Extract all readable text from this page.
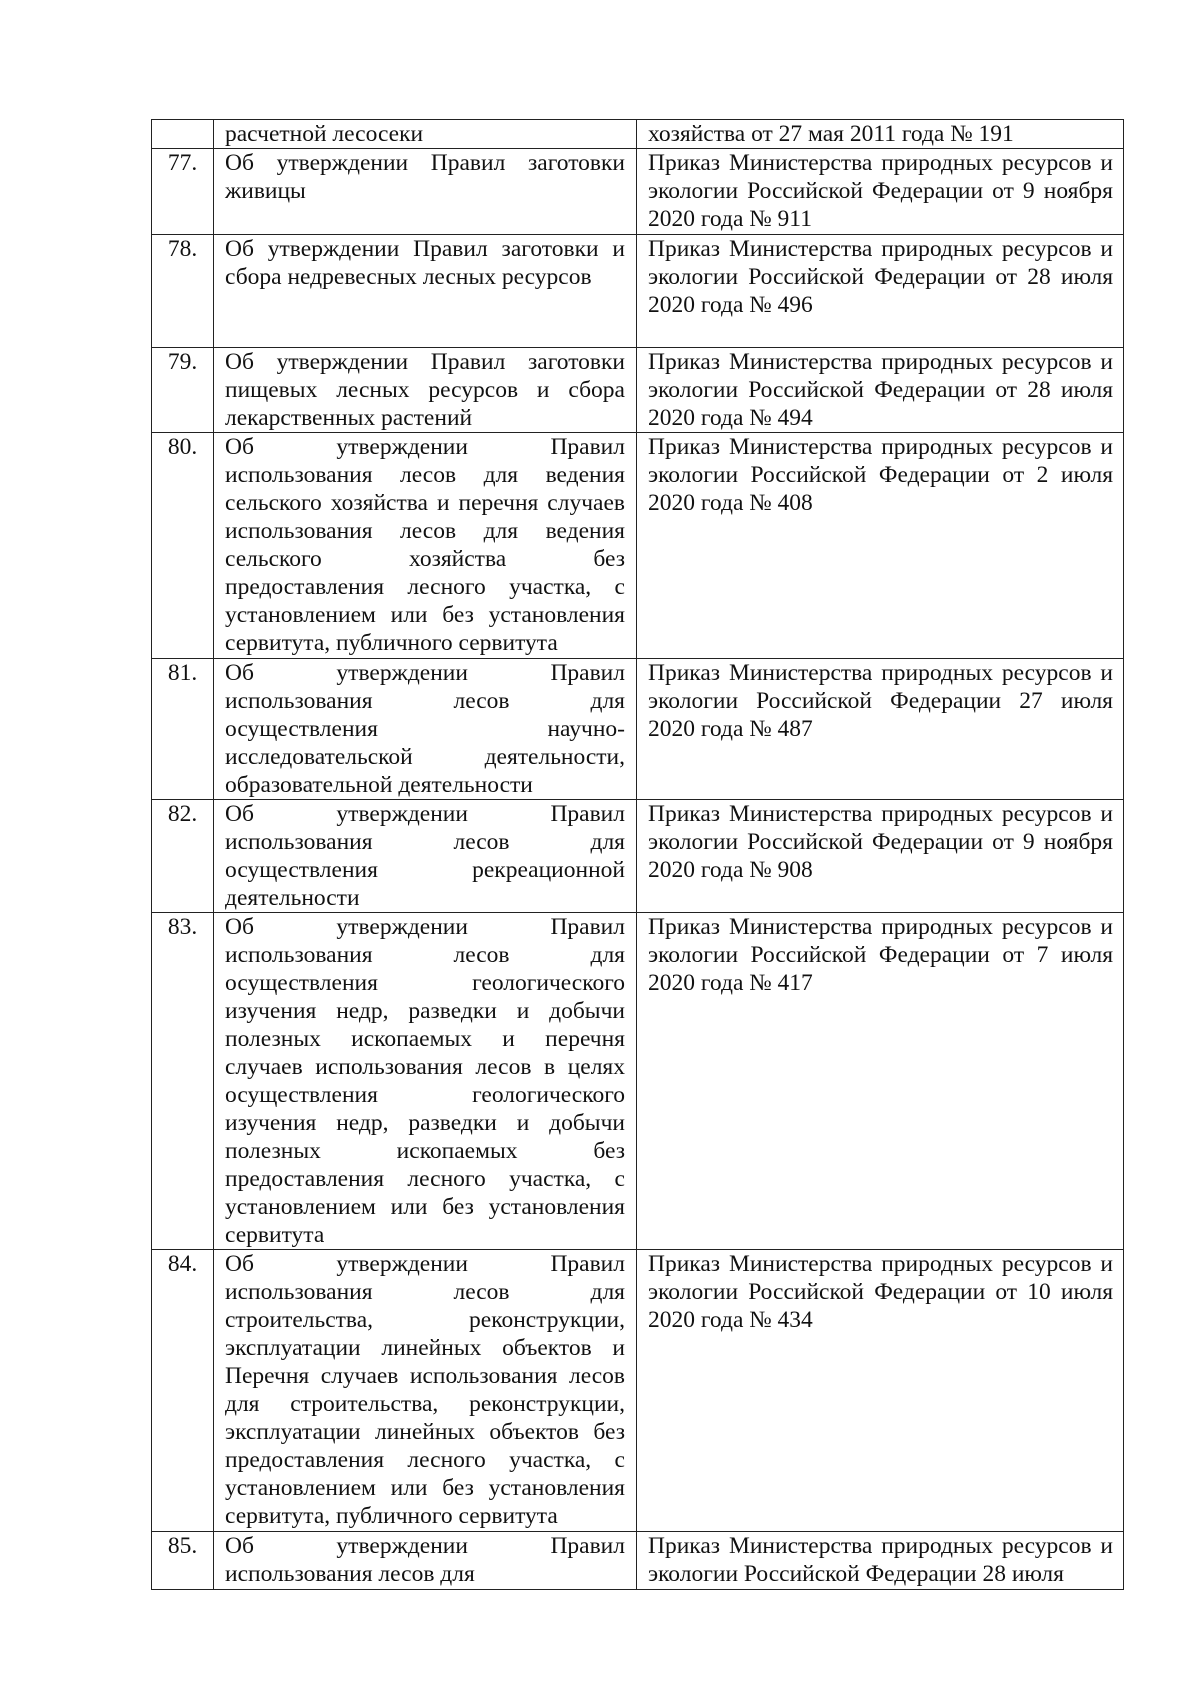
	расчетной лесосеки	хозяйства от 27 мая 2011 года № 191

77.	Об утверждении Правил заготовки живицы	Приказ Министерства природных ресурсов и экологии Российской Федерации от 9 ноября 2020 года № 911

78.	Об утверждении Правил заготовки и сбора недревесных лесных ресурсов	Приказ Министерства природных ресурсов и экологии Российской Федерации от 28 июля 2020 года № 496

79.	Об утверждении Правил заготовки пищевых лесных ресурсов и сбора лекарственных растений	Приказ Министерства природных ресурсов и экологии Российской Федерации от 28 июля 2020 года № 494

80.	Об утверждении Правил использования лесов для ведения сельского хозяйства и перечня случаев использования лесов для ведения сельского хозяйства без предоставления лесного участка, с установлением или без установления сервитута, публичного сервитута	Приказ Министерства природных ресурсов и экологии Российской Федерации от 2 июля 2020 года № 408

81.	Об утверждении Правил использования лесов для осуществления научно-исследовательской деятельности, образовательной деятельности	Приказ Министерства природных ресурсов и экологии Российской Федерации 27 июля 2020 года № 487

82.	Об утверждении Правил использования лесов для осуществления рекреационной деятельности	Приказ Министерства природных ресурсов и экологии Российской Федерации от 9 ноября 2020 года № 908

83.	Об утверждении Правил использования лесов для осуществления геологического изучения недр, разведки и добычи полезных ископаемых и перечня случаев использования лесов в целях осуществления геологического изучения недр, разведки и добычи полезных ископаемых без предоставления лесного участка, с установлением или без установления сервитута	Приказ Министерства природных ресурсов и экологии Российской Федерации от 7 июля 2020 года № 417

84.	Об утверждении Правил использования лесов для строительства, реконструкции, эксплуатации линейных объектов и Перечня случаев использования лесов для строительства, реконструкции, эксплуатации линейных объектов без предоставления лесного участка, с установлением или без установления сервитута, публичного сервитута	Приказ Министерства природных ресурсов и экологии Российской Федерации от 10 июля 2020 года № 434

85.	Об утверждении Правил использования лесов для	Приказ Министерства природных ресурсов и экологии Российской Федерации 28 июля
